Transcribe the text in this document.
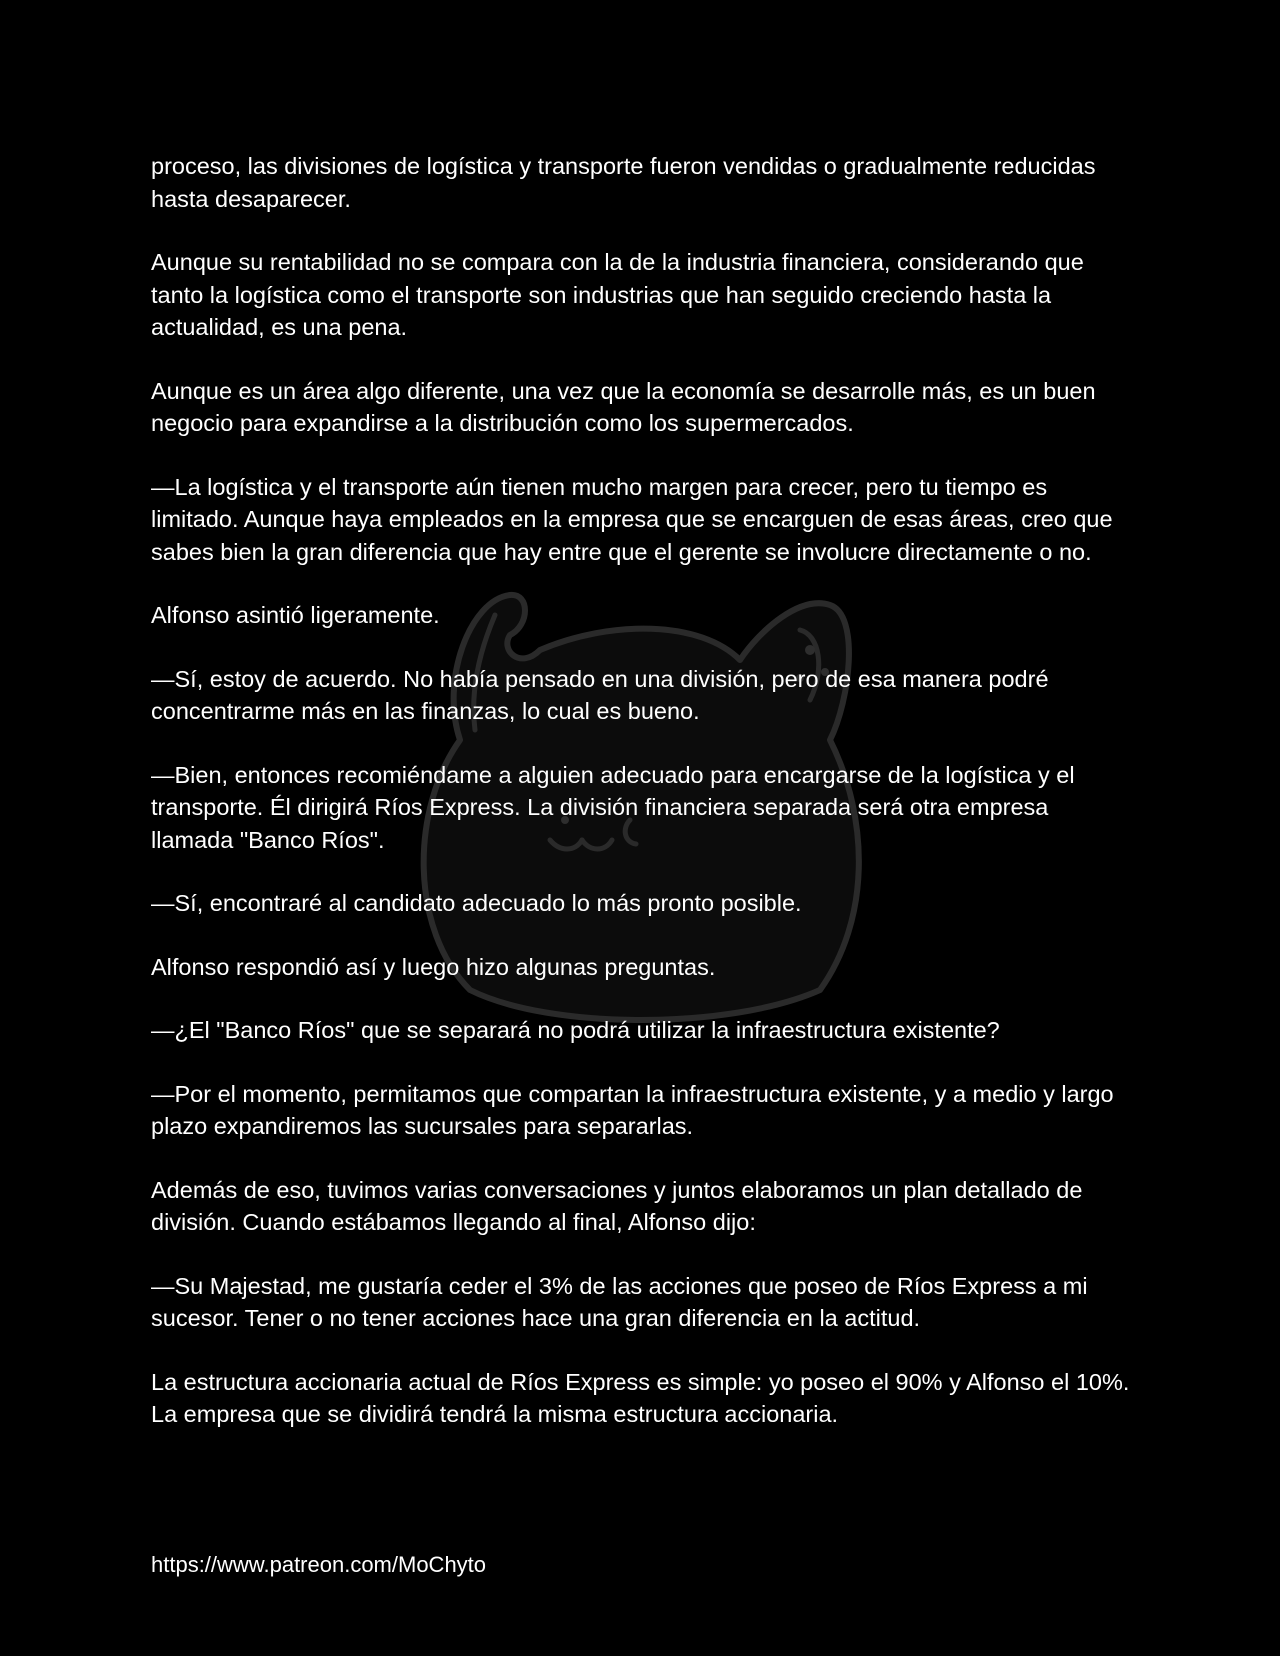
proceso, las divisiones de logística y transporte fueron vendidas o gradualmente reducidas hasta desaparecer.

Aunque su rentabilidad no se compara con la de la industria financiera, considerando que tanto la logística como el transporte son industrias que han seguido creciendo hasta la actualidad, es una pena.

Aunque es un área algo diferente, una vez que la economía se desarrolle más, es un buen negocio para expandirse a la distribución como los supermercados.

—La logística y el transporte aún tienen mucho margen para crecer, pero tu tiempo es limitado. Aunque haya empleados en la empresa que se encarguen de esas áreas, creo que sabes bien la gran diferencia que hay entre que el gerente se involucre directamente o no.

Alfonso asintió ligeramente.

—Sí, estoy de acuerdo. No había pensado en una división, pero de esa manera podré concentrarme más en las finanzas, lo cual es bueno.

—Bien, entonces recomiéndame a alguien adecuado para encargarse de la logística y el transporte. Él dirigirá Ríos Express. La división financiera separada será otra empresa llamada "Banco Ríos".

—Sí, encontraré al candidato adecuado lo más pronto posible.

Alfonso respondió así y luego hizo algunas preguntas.

—¿El "Banco Ríos" que se separará no podrá utilizar la infraestructura existente?

—Por el momento, permitamos que compartan la infraestructura existente, y a medio y largo plazo expandiremos las sucursales para separarlas.

Además de eso, tuvimos varias conversaciones y juntos elaboramos un plan detallado de división. Cuando estábamos llegando al final, Alfonso dijo:

—Su Majestad, me gustaría ceder el 3% de las acciones que poseo de Ríos Express a mi sucesor. Tener o no tener acciones hace una gran diferencia en la actitud.

La estructura accionaria actual de Ríos Express es simple: yo poseo el 90% y Alfonso el 10%. La empresa que se dividirá tendrá la misma estructura accionaria.

https://www.patreon.com/MoChyto
